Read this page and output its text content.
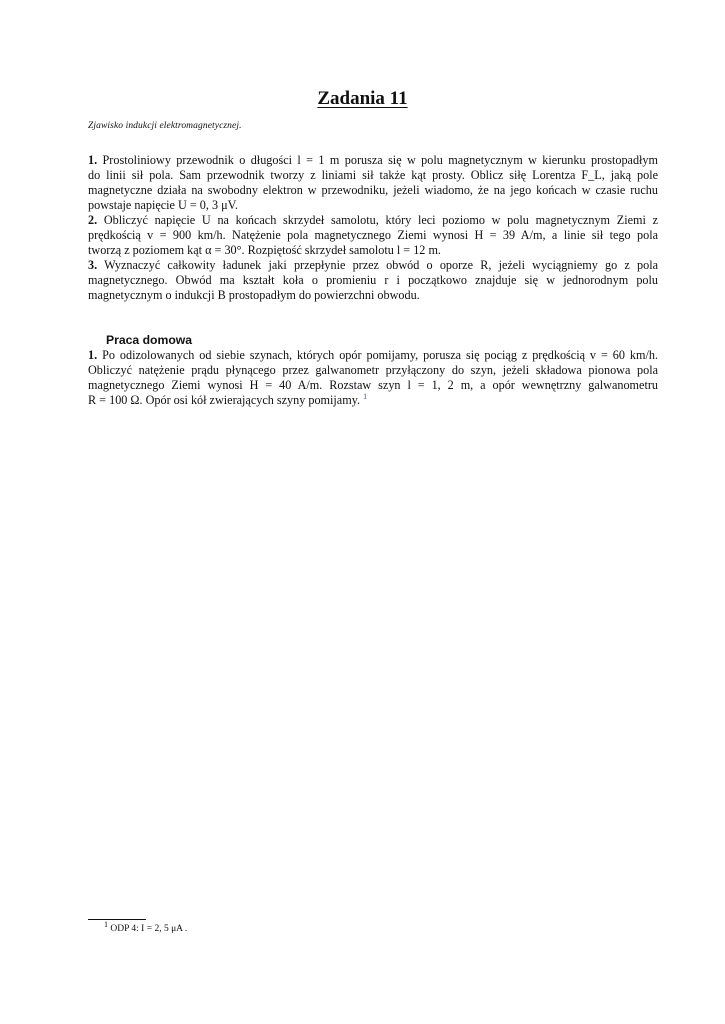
Zadania 11
Zjawisko indukcji elektromagnetycznej.
1. Prostoliniowy przewodnik o długości l = 1 m porusza się w polu magnetycznym w kierunku prostopadłym
do linii sił pola. Sam przewodnik tworzy z liniami sił także kąt prosty. Oblicz siłę Lorentza F_L, jaką pole
magnetyczne działa na swobodny elektron w przewodniku, jeżeli wiadomo, że na jego końcach w czasie ruchu
powstaje napięcie U = 0, 3 μV.
2. Obliczyć napięcie U na końcach skrzydeł samolotu, który leci poziomo w polu magnetycznym Ziemi z
prędkością v = 900 km/h. Natężenie pola magnetycznego Ziemi wynosi H = 39 A/m, a linie sił tego pola
tworzą z poziomem kąt α = 30°. Rozpiętość skrzydeł samolotu l = 12 m.
3. Wyznaczyć całkowity ładunek jaki przepłynie przez obwód o oporze R, jeżeli wyciągniemy go z pola
magnetycznego. Obwód ma kształt koła o promieniu r i początkowo znajduje się w jednorodnym polu
magnetycznym o indukcji B prostopadłym do powierzchni obwodu.
Praca domowa
1. Po odizolowanych od siebie szynach, których opór pomijamy, porusza się pociąg z prędkością v = 60 km/h.
Obliczyć natężenie prądu płynącego przez galwanometr przyłączony do szyn, jeżeli składowa pionowa pola
magnetycznego Ziemi wynosi H = 40 A/m. Rozstaw szyn l = 1, 2 m, a opór wewnętrzny galwanometru
R = 100 Ω. Opór osi kół zwierających szyny pomijamy. $^1$
$^1$ ODP 4: I = 2, 5 μA .
